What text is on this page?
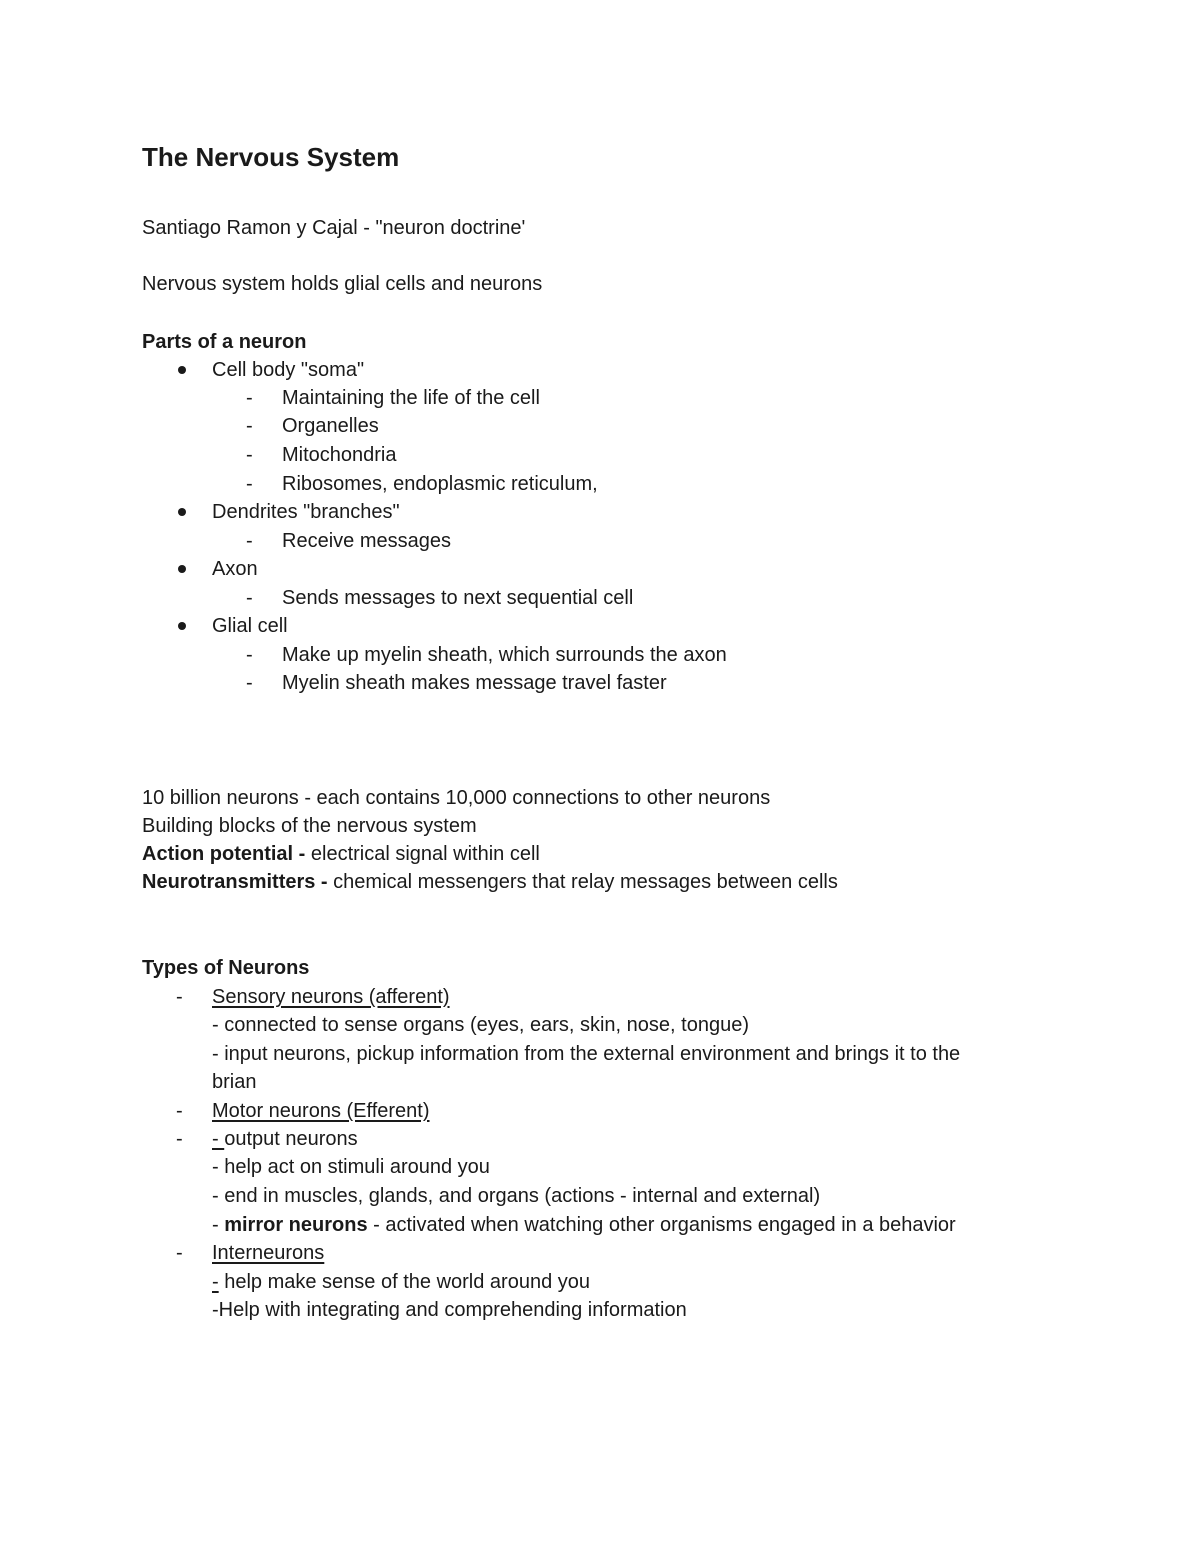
The Nervous System
Santiago Ramon y Cajal - "neuron doctrine'
Nervous system holds glial cells and neurons
Parts of a neuron
Cell body "soma"
- Maintaining the life of the cell
- Organelles
- Mitochondria
- Ribosomes, endoplasmic reticulum,
Dendrites "branches"
- Receive messages
Axon
- Sends messages to next sequential cell
Glial cell
- Make up myelin sheath, which surrounds the axon
- Myelin sheath makes message travel faster
10 billion neurons - each contains 10,000 connections to other neurons
Building blocks of the nervous system
Action potential - electrical signal within cell
Neurotransmitters - chemical messengers that relay messages between cells
Types of Neurons
- Sensory neurons (afferent)
- connected to sense organs (eyes, ears, skin, nose, tongue)
- input neurons, pickup information from the external environment and brings it to the
brian
- Motor neurons (Efferent)
- - output neurons
- help act on stimuli around you
- end in muscles, glands, and organs (actions - internal and external)
- mirror neurons - activated when watching other organisms engaged in a behavior
- Interneurons
- help make sense of the world around you
-Help with integrating and comprehending information
